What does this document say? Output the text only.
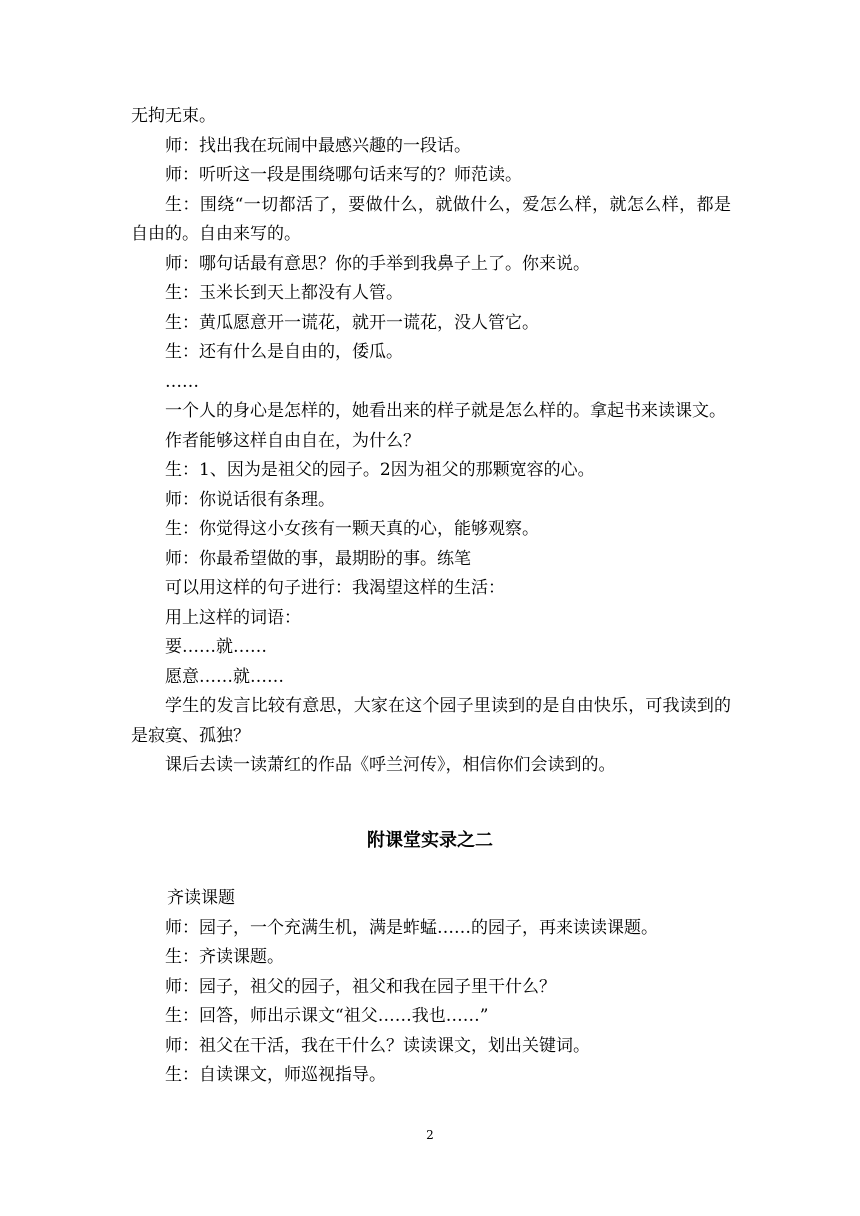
无拘无束。

师：找出我在玩闹中最感兴趣的一段话。

师：听听这一段是围绕哪句话来写的？师范读。

生：围绕“一切都活了，要做什么，就做什么，爱怎么样，就怎么样，都是自由的。自由来写的。

师：哪句话最有意思？你的手举到我鼻子上了。你来说。

生：玉米长到天上都没有人管。

生：黄瓜愿意开一谎花，就开一谎花，没人管它。

生：还有什么是自由的，倭瓜。

……

一个人的身心是怎样的，她看出来的样子就是怎么样的。拿起书来读课文。

作者能够这样自由自在，为什么？

生：1、因为是祖父的园子。2因为祖父的那颗宽容的心。

师：你说话很有条理。

生：你觉得这小女孩有一颗天真的心，能够观察。

师：你最希望做的事，最期盼的事。练笔

可以用这样的句子进行：我渴望这样的生活：

用上这样的词语：

要……就……

愿意……就……

学生的发言比较有意思，大家在这个园子里读到的是自由快乐，可我读到的是寂寞、孤独？

课后去读一读萧红的作品《呼兰河传》，相信你们会读到的。

附课堂实录之二

齐读课题

师：园子，一个充满生机，满是蚱蜢……的园子，再来读读课题。

生：齐读课题。

师：园子，祖父的园子，祖父和我在园子里干什么？

生：回答，师出示课文“祖父……我也……”

师：祖父在干活，我在干什么？读读课文，划出关键词。

生：自读课文，师巡视指导。

2
